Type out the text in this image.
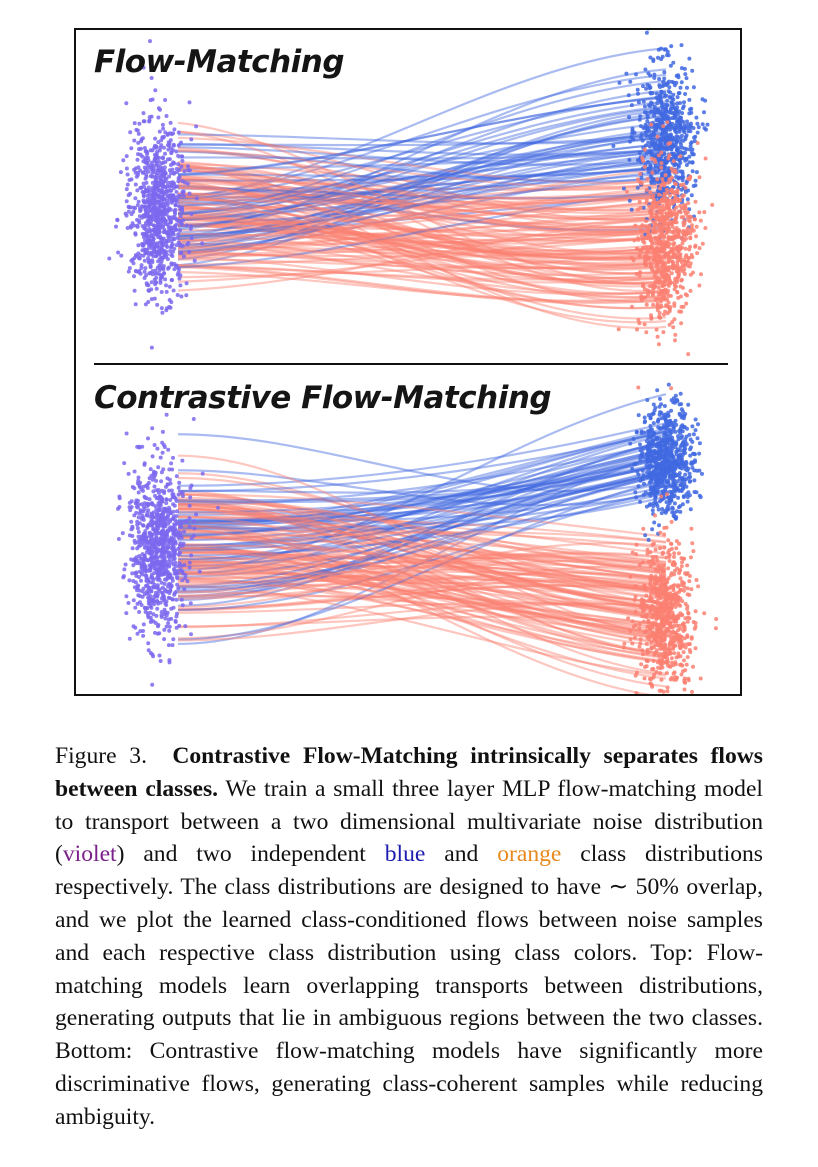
Flow-Matching
Contrastive Flow-Matching

Figure 3. Contrastive Flow-Matching intrinsically separates flows between classes. We train a small three layer MLP flow-matching model to transport between a two dimensional multivariate noise distribution (violet) and two independent blue and orange class distributions respectively. The class distributions are designed to have ∼ 50% overlap, and we plot the learned class-conditioned flows between noise samples and each respective class distribution using class colors. Top: Flow-matching models learn overlapping transports between distributions, generating outputs that lie in ambiguous regions between the two classes. Bottom: Contrastive flow-matching models have significantly more discriminative flows, generating class-coherent samples while reducing ambiguity.
